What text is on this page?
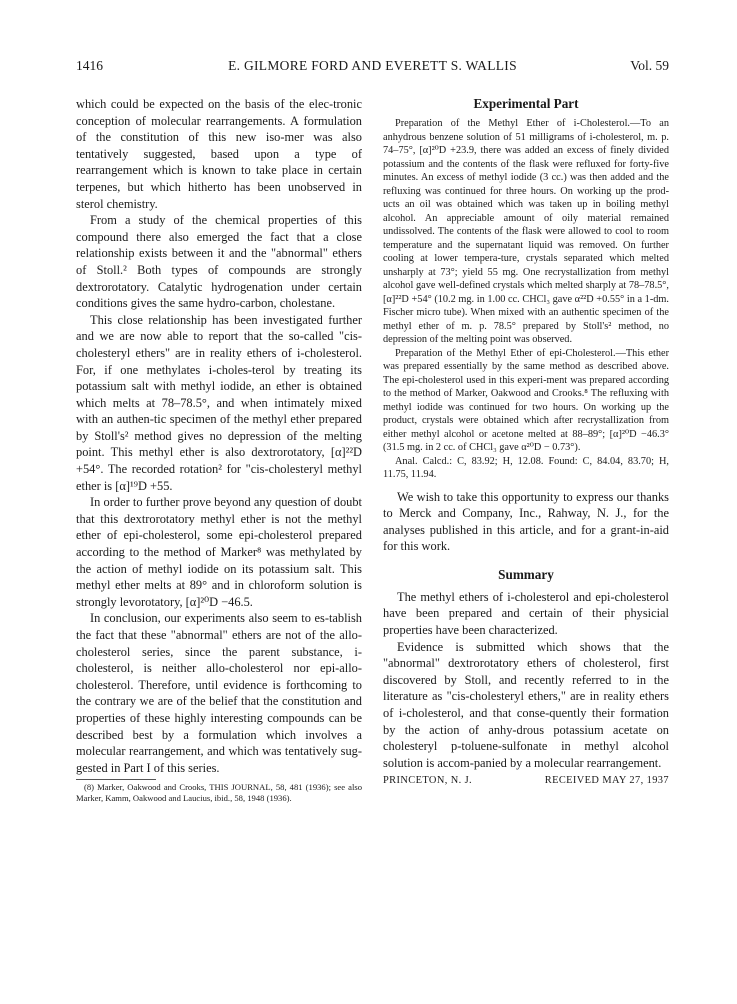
1416	E. GILMORE FORD AND EVERETT S. WALLIS	Vol. 59

which could be expected on the basis of the elec-tronic conception of molecular rearrangements. A formulation of the constitution of this new iso-mer was also tentatively suggested, based upon a type of rearrangement which is known to take place in certain terpenes, but which hitherto has been unobserved in sterol chemistry.

From a study of the chemical properties of this compound there also emerged the fact that a close relationship exists between it and the "abnormal" ethers of Stoll.² Both types of compounds are strongly dextrorotatory. Catalytic hydrogenation under certain conditions gives the same hydro-carbon, cholestane.

This close relationship has been investigated further and we are now able to report that the so-called "cis-cholesteryl ethers" are in reality ethers of i-cholesterol. For, if one methylates i-choles-terol by treating its potassium salt with methyl iodide, an ether is obtained which melts at 78–78.5°, and when intimately mixed with an authen-tic specimen of the methyl ether prepared by Stoll's² method gives no depression of the melting point. This methyl ether is also dextrorotatory, [α]²²D +54°. The recorded rotation² for "cis-cholesteryl methyl ether is [α]¹⁹D +55.

In order to further prove beyond any question of doubt that this dextrorotatory methyl ether is not the methyl ether of epi-cholesterol, some epi-cholesterol prepared according to the method of Marker⁸ was methylated by the action of methyl iodide on its potassium salt. This methyl ether melts at 89° and in chloroform solution is strongly levorotatory, [α]²⁰D −46.5.

In conclusion, our experiments also seem to es-tablish the fact that these "abnormal" ethers are not of the allo-cholesterol series, since the parent substance, i-cholesterol, is neither allo-cholesterol nor epi-allo-cholesterol. Therefore, until evidence is forthcoming to the contrary we are of the belief that the constitution and properties of these highly interesting compounds can be described best by a formulation which involves a molecular rearrangement, and which was tentatively sug-gested in Part I of this series.

(8) Marker, Oakwood and Crooks, THIS JOURNAL, 58, 481 (1936); see also Marker, Kamm, Oakwood and Laucius, ibid., 58, 1948 (1936).

Experimental Part

Preparation of the Methyl Ether of i-Cholesterol.—To an anhydrous benzene solution of 51 milligrams of i-cholesterol, m. p. 74–75°, [α]²⁰D +23.9, there was added an excess of finely divided potassium and the contents of the flask were refluxed for forty-five minutes. An excess of methyl iodide (3 cc.) was then added and the refluxing was continued for three hours. On working up the prod-ucts an oil was obtained which was taken up in boiling methyl alcohol. An appreciable amount of oily material remained undissolved. The contents of the flask were allowed to cool to room temperature and the supernatant liquid was removed. On further cooling at lower tempera-ture, crystals separated which melted unsharply at 73°; yield 55 mg. One recrystallization from methyl alcohol gave well-defined crystals which melted sharply at 78–78.5°, [α]²²D +54° (10.2 mg. in 1.00 cc. CHCl₃ gave α²²D +0.55° in a 1-dm. Fischer micro tube). When mixed with an authentic specimen of the methyl ether of m. p. 78.5° prepared by Stoll's² method, no depression of the melting point was observed.

Preparation of the Methyl Ether of epi-Cholesterol.—This ether was prepared essentially by the same method as described above. The epi-cholesterol used in this experi-ment was prepared according to the method of Marker, Oakwood and Crooks.⁸ The refluxing with methyl iodide was continued for two hours. On working up the product, crystals were obtained which after recrystallization from either methyl alcohol or acetone melted at 88–89°; [α]²⁰D −46.3° (31.5 mg. in 2 cc. of CHCl₃ gave α²⁰D − 0.73°).

Anal. Calcd.: C, 83.92; H, 12.08. Found: C, 84.04, 83.70; H, 11.75, 11.94.

We wish to take this opportunity to express our thanks to Merck and Company, Inc., Rahway, N. J., for the analyses published in this article, and for a grant-in-aid for this work.

Summary

The methyl ethers of i-cholesterol and epi-cholesterol have been prepared and certain of their physicial properties have been characterized.

Evidence is submitted which shows that the "abnormal" dextrorotatory ethers of cholesterol, first discovered by Stoll, and recently referred to in the literature as "cis-cholesteryl ethers," are in reality ethers of i-cholesterol, and that conse-quently their formation by the action of anhy-drous potassium acetate on cholesteryl p-toluene-sulfonate in methyl alcohol solution is accom-panied by a molecular rearrangement.

PRINCETON, N. J.	RECEIVED MAY 27, 1937
